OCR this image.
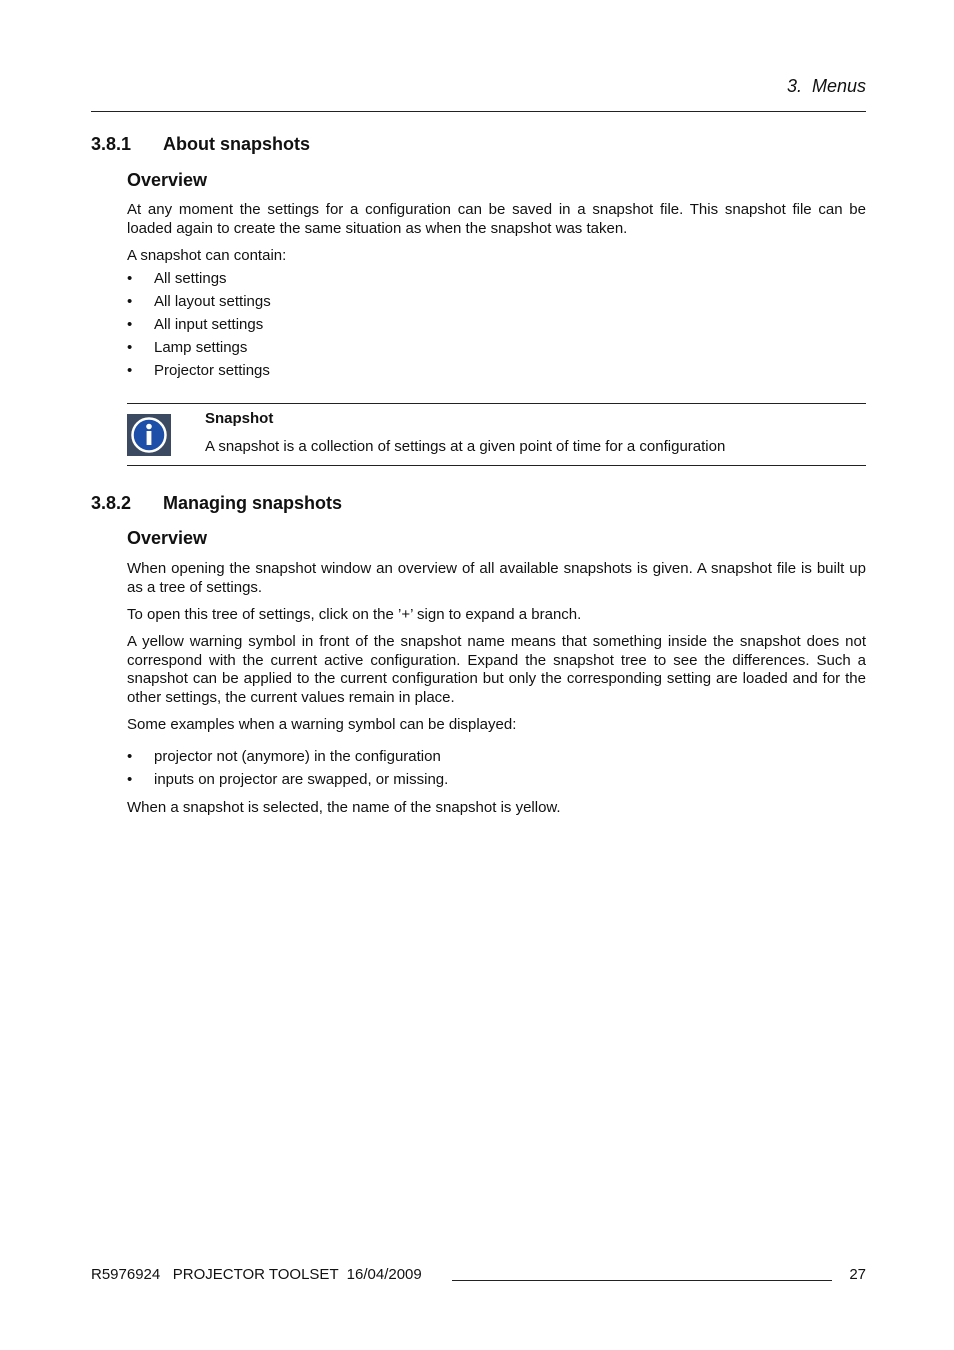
3.  Menus
3.8.1 About snapshots
Overview
At any moment the settings for a configuration can be saved in a snapshot file. This snapshot file can be loaded again to create the same situation as when the snapshot was taken.
A snapshot can contain:
• All settings
• All layout settings
• All input settings
• Lamp settings
• Projector settings
Snapshot
A snapshot is a collection of settings at a given point of time for a configuration
3.8.2 Managing snapshots
Overview
When opening the snapshot window an overview of all available snapshots is given. A snapshot file is built up as a tree of settings.
To open this tree of settings, click on the ’+’ sign to expand a branch.
A yellow warning symbol in front of the snapshot name means that something inside the snapshot does not correspond with the current active configuration. Expand the snapshot tree to see the differences. Such a snapshot can be applied to the current configuration but only the corresponding setting are loaded and for the other settings, the current values remain in place.
Some examples when a warning symbol can be displayed:
• projector not (anymore) in the configuration
• inputs on projector are swapped, or missing.
When a snapshot is selected, the name of the snapshot is yellow.
R5976924   PROJECTOR TOOLSET  16/04/2009	27
